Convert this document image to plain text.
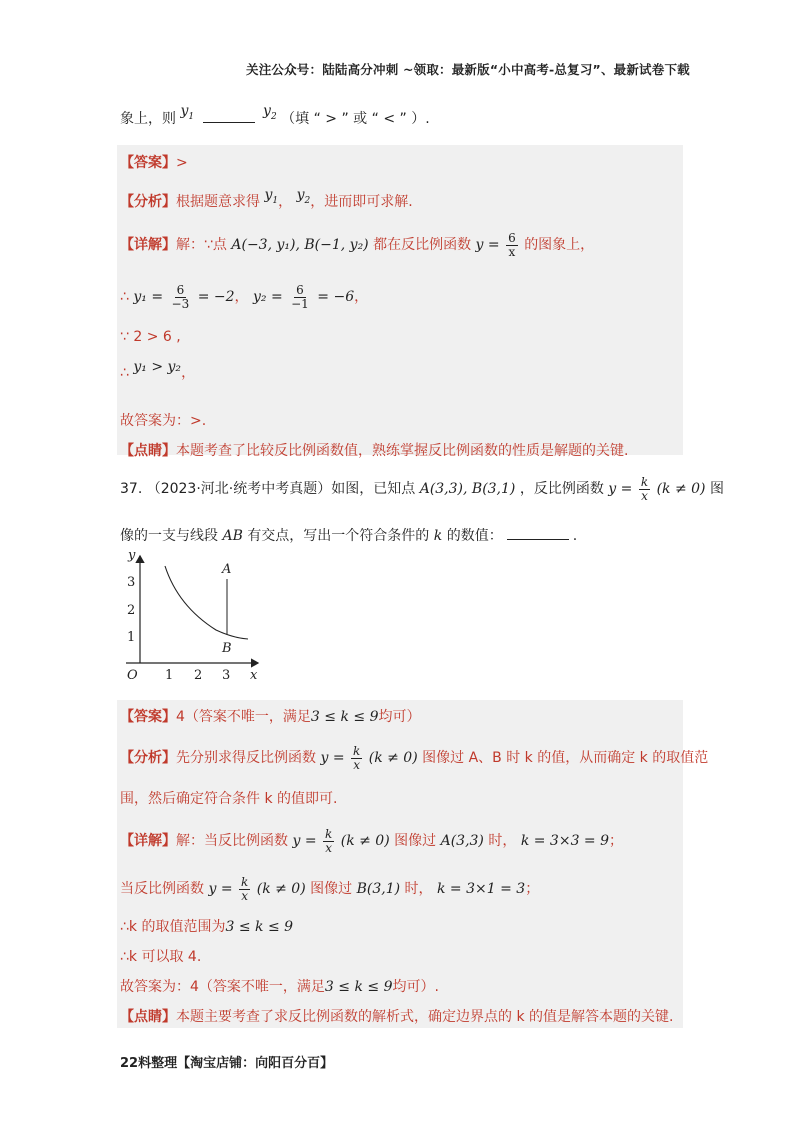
关注公众号：陆陆高分冲刺 ~领取：最新版“小中高考-总复习”、最新试卷下载
象上，则 $y_1$	$y_2$ （填 “ > ” 或 “ < ” ）.
【答案】>
【分析】根据题意求得 $y_1$， $y_2$，进而即可求解.
【详解】解：∵点 A(−3, y₁), B(−1, y₂) 都在反比例函数 $y = \frac{6}{x}$ 的图象上，
∴ $y_1 = \frac{6}{-3} = -2$， $y_2 = \frac{6}{-1} = -6$，
∵ 2 > 6 ,
∴ y₁ > y₂，
故答案为：>.
【点睛】本题考查了比较反比例函数值，熟练掌握反比例函数的性质是解题的关键.
37. （2023·河北·统考中考真题）如图，已知点 A(3,3), B(3,1) ，反比例函数 $y = \frac{k}{x} (k \ne 0)$ 图
像的一支与线段 AB 有交点，写出一个符合条件的 k 的数值：	.
y
x
O 1 2 3
3
2
1
A
B
【答案】4（答案不唯一，满足3 ≤ k ≤ 9均可）
【分析】先分别求得反比例函数 $y = \frac{k}{x} (k \ne 0)$ 图像过 A、B 时 k 的值，从而确定 k 的取值范
围，然后确定符合条件 k 的值即可.
【详解】解：当反比例函数 $y = \frac{k}{x} (k \ne 0)$ 图像过 A(3,3) 时， k = 3×3 = 9；
当反比例函数 $y = \frac{k}{x} (k \ne 0)$ 图像过 B(3,1) 时， k = 3×1 = 3；
∴k 的取值范围为3 ≤ k ≤ 9
∴k 可以取 4.
故答案为：4（答案不唯一，满足3 ≤ k ≤ 9均可）.
【点睛】本题主要考查了求反比例函数的解析式，确定边界点的 k 的值是解答本题的关键.
22料整理【淘宝店铺：向阳百分百】
